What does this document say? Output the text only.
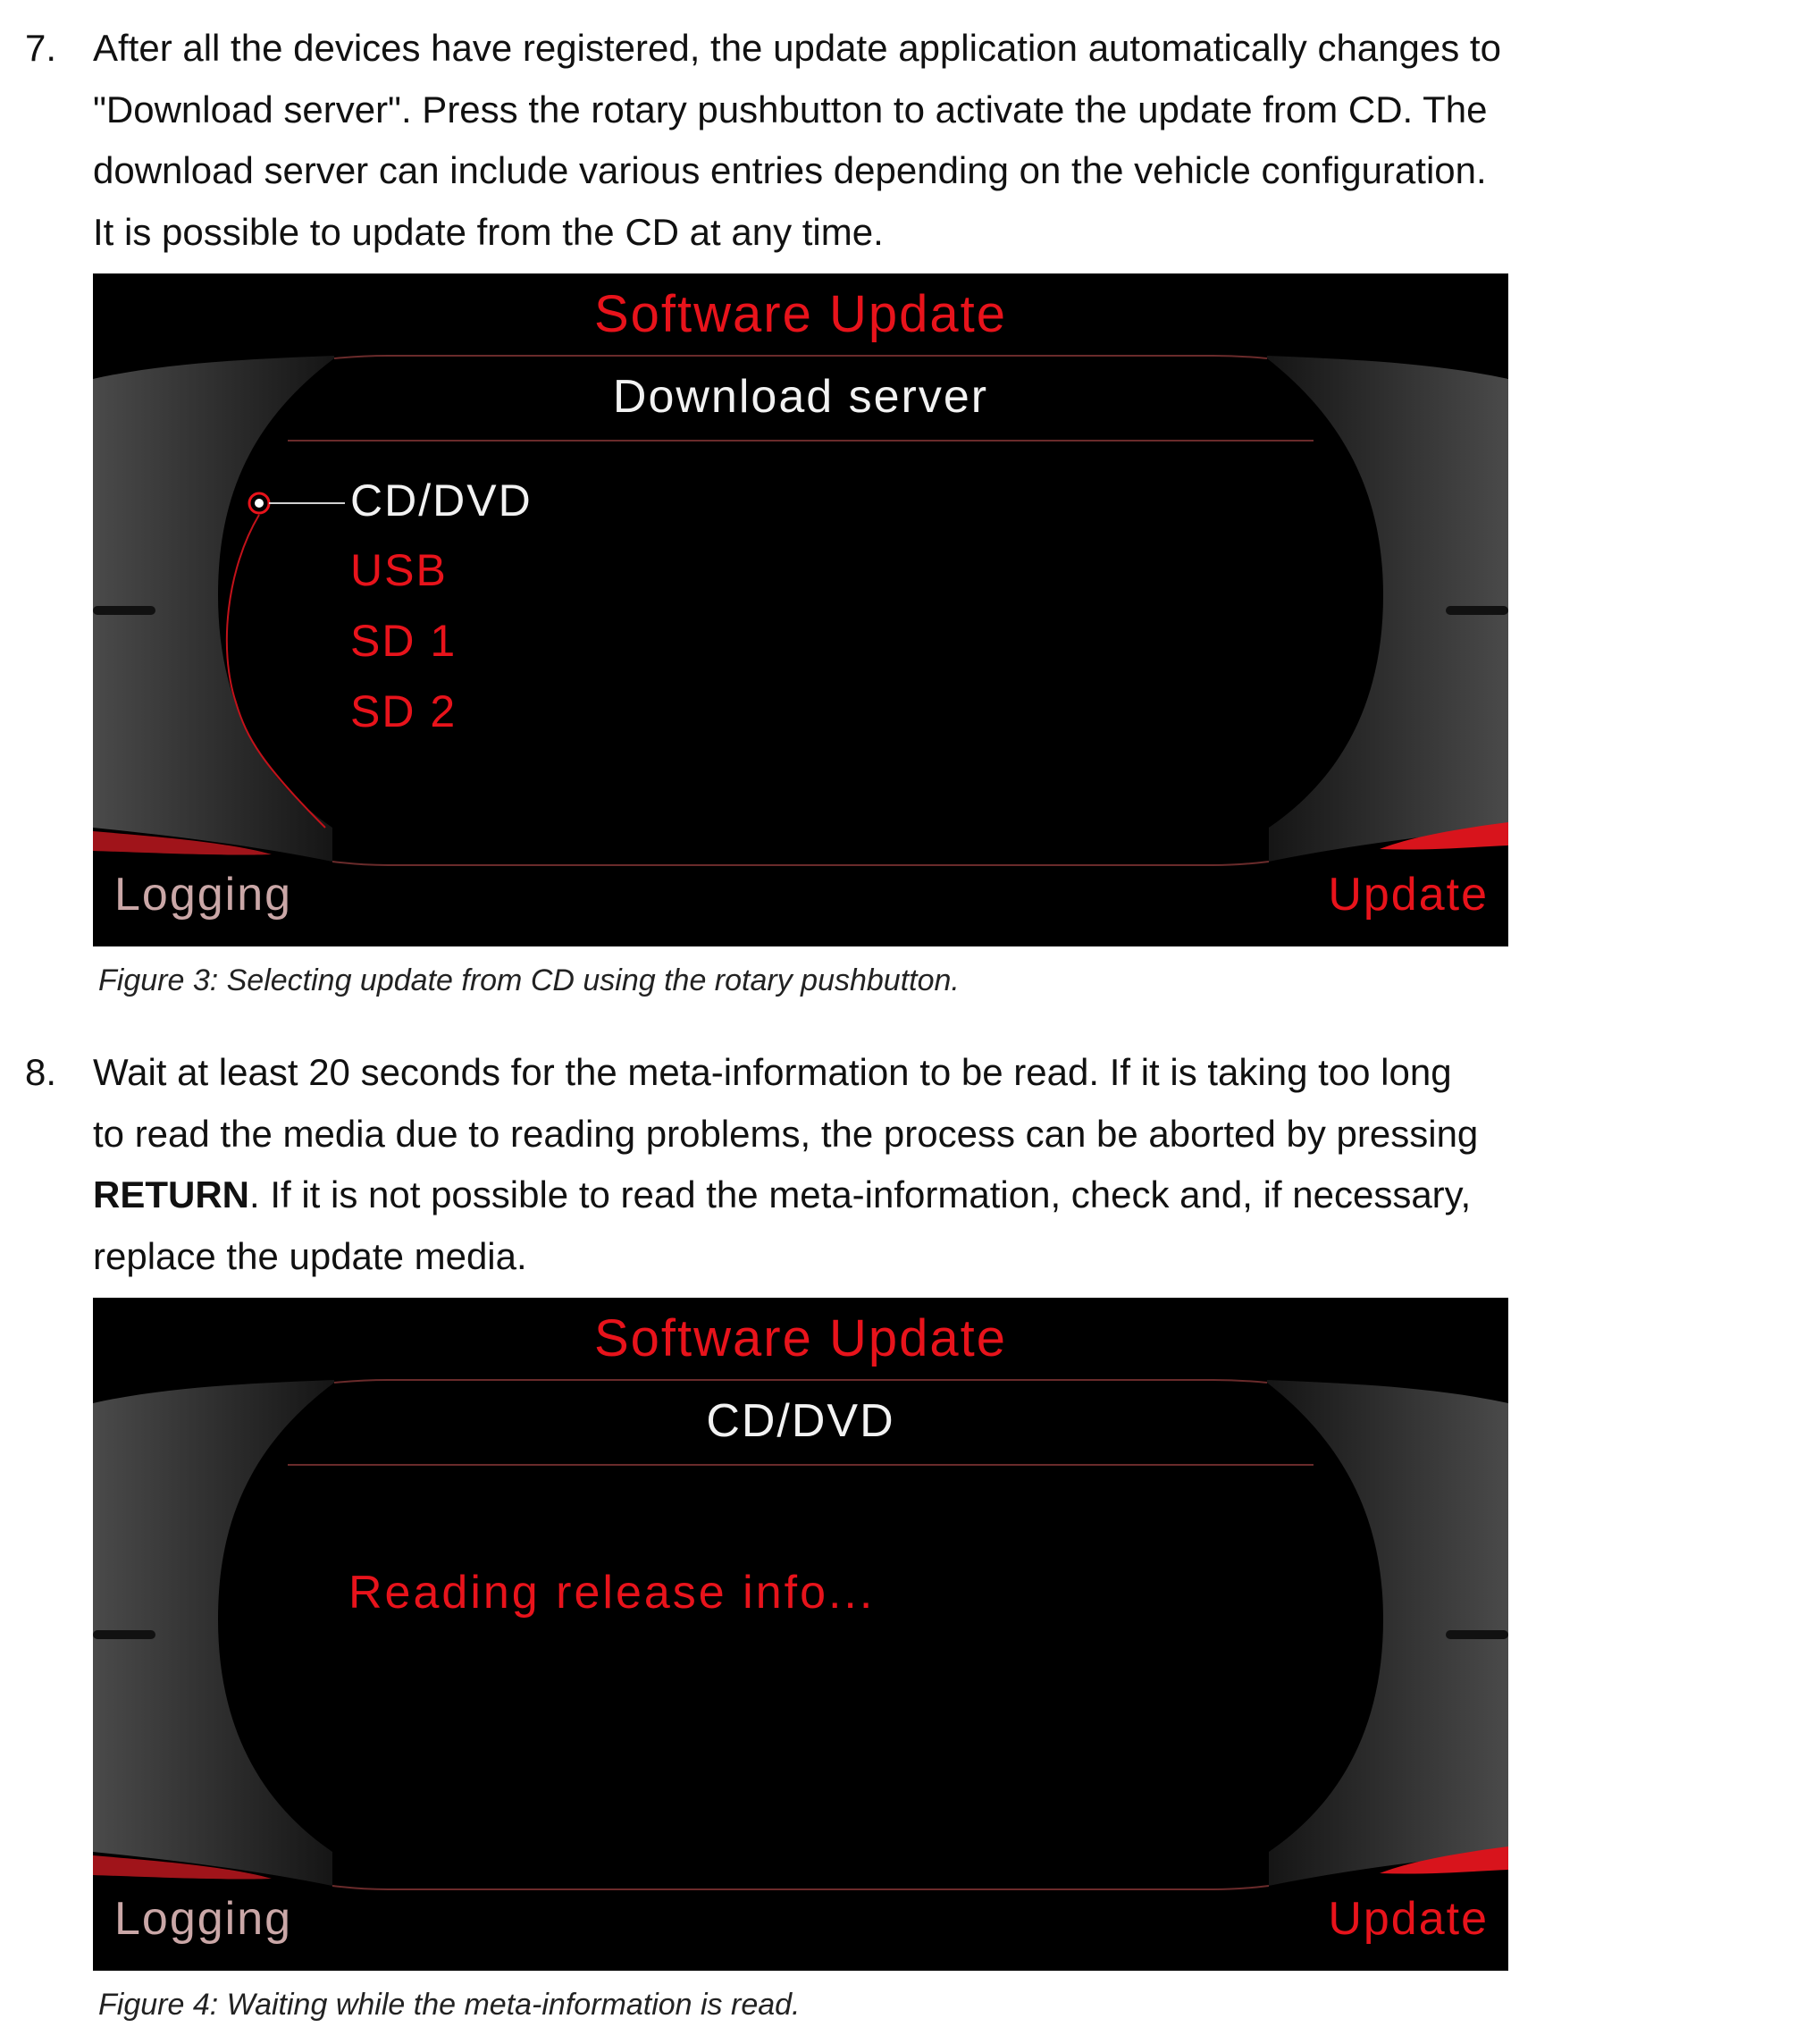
7. After all the devices have registered, the update application automatically changes to

"Download server". Press the rotary pushbutton to activate the update from CD. The

download server can include various entries depending on the vehicle configuration.

It is possible to update from the CD at any time.

Software Update
Download server
CD/DVD
USB
SD 1
SD 2
Logging	Update
Figure 3: Selecting update from CD using the rotary pushbutton.
8. Wait at least 20 seconds for the meta-information to be read. If it is taking too long

to read the media due to reading problems, the process can be aborted by pressing

RETURN. If it is not possible to read the meta-information, check and, if necessary,

replace the update media.

Software Update
CD/DVD
Reading release info...
Logging	Update
Figure 4: Waiting while the meta-information is read.
